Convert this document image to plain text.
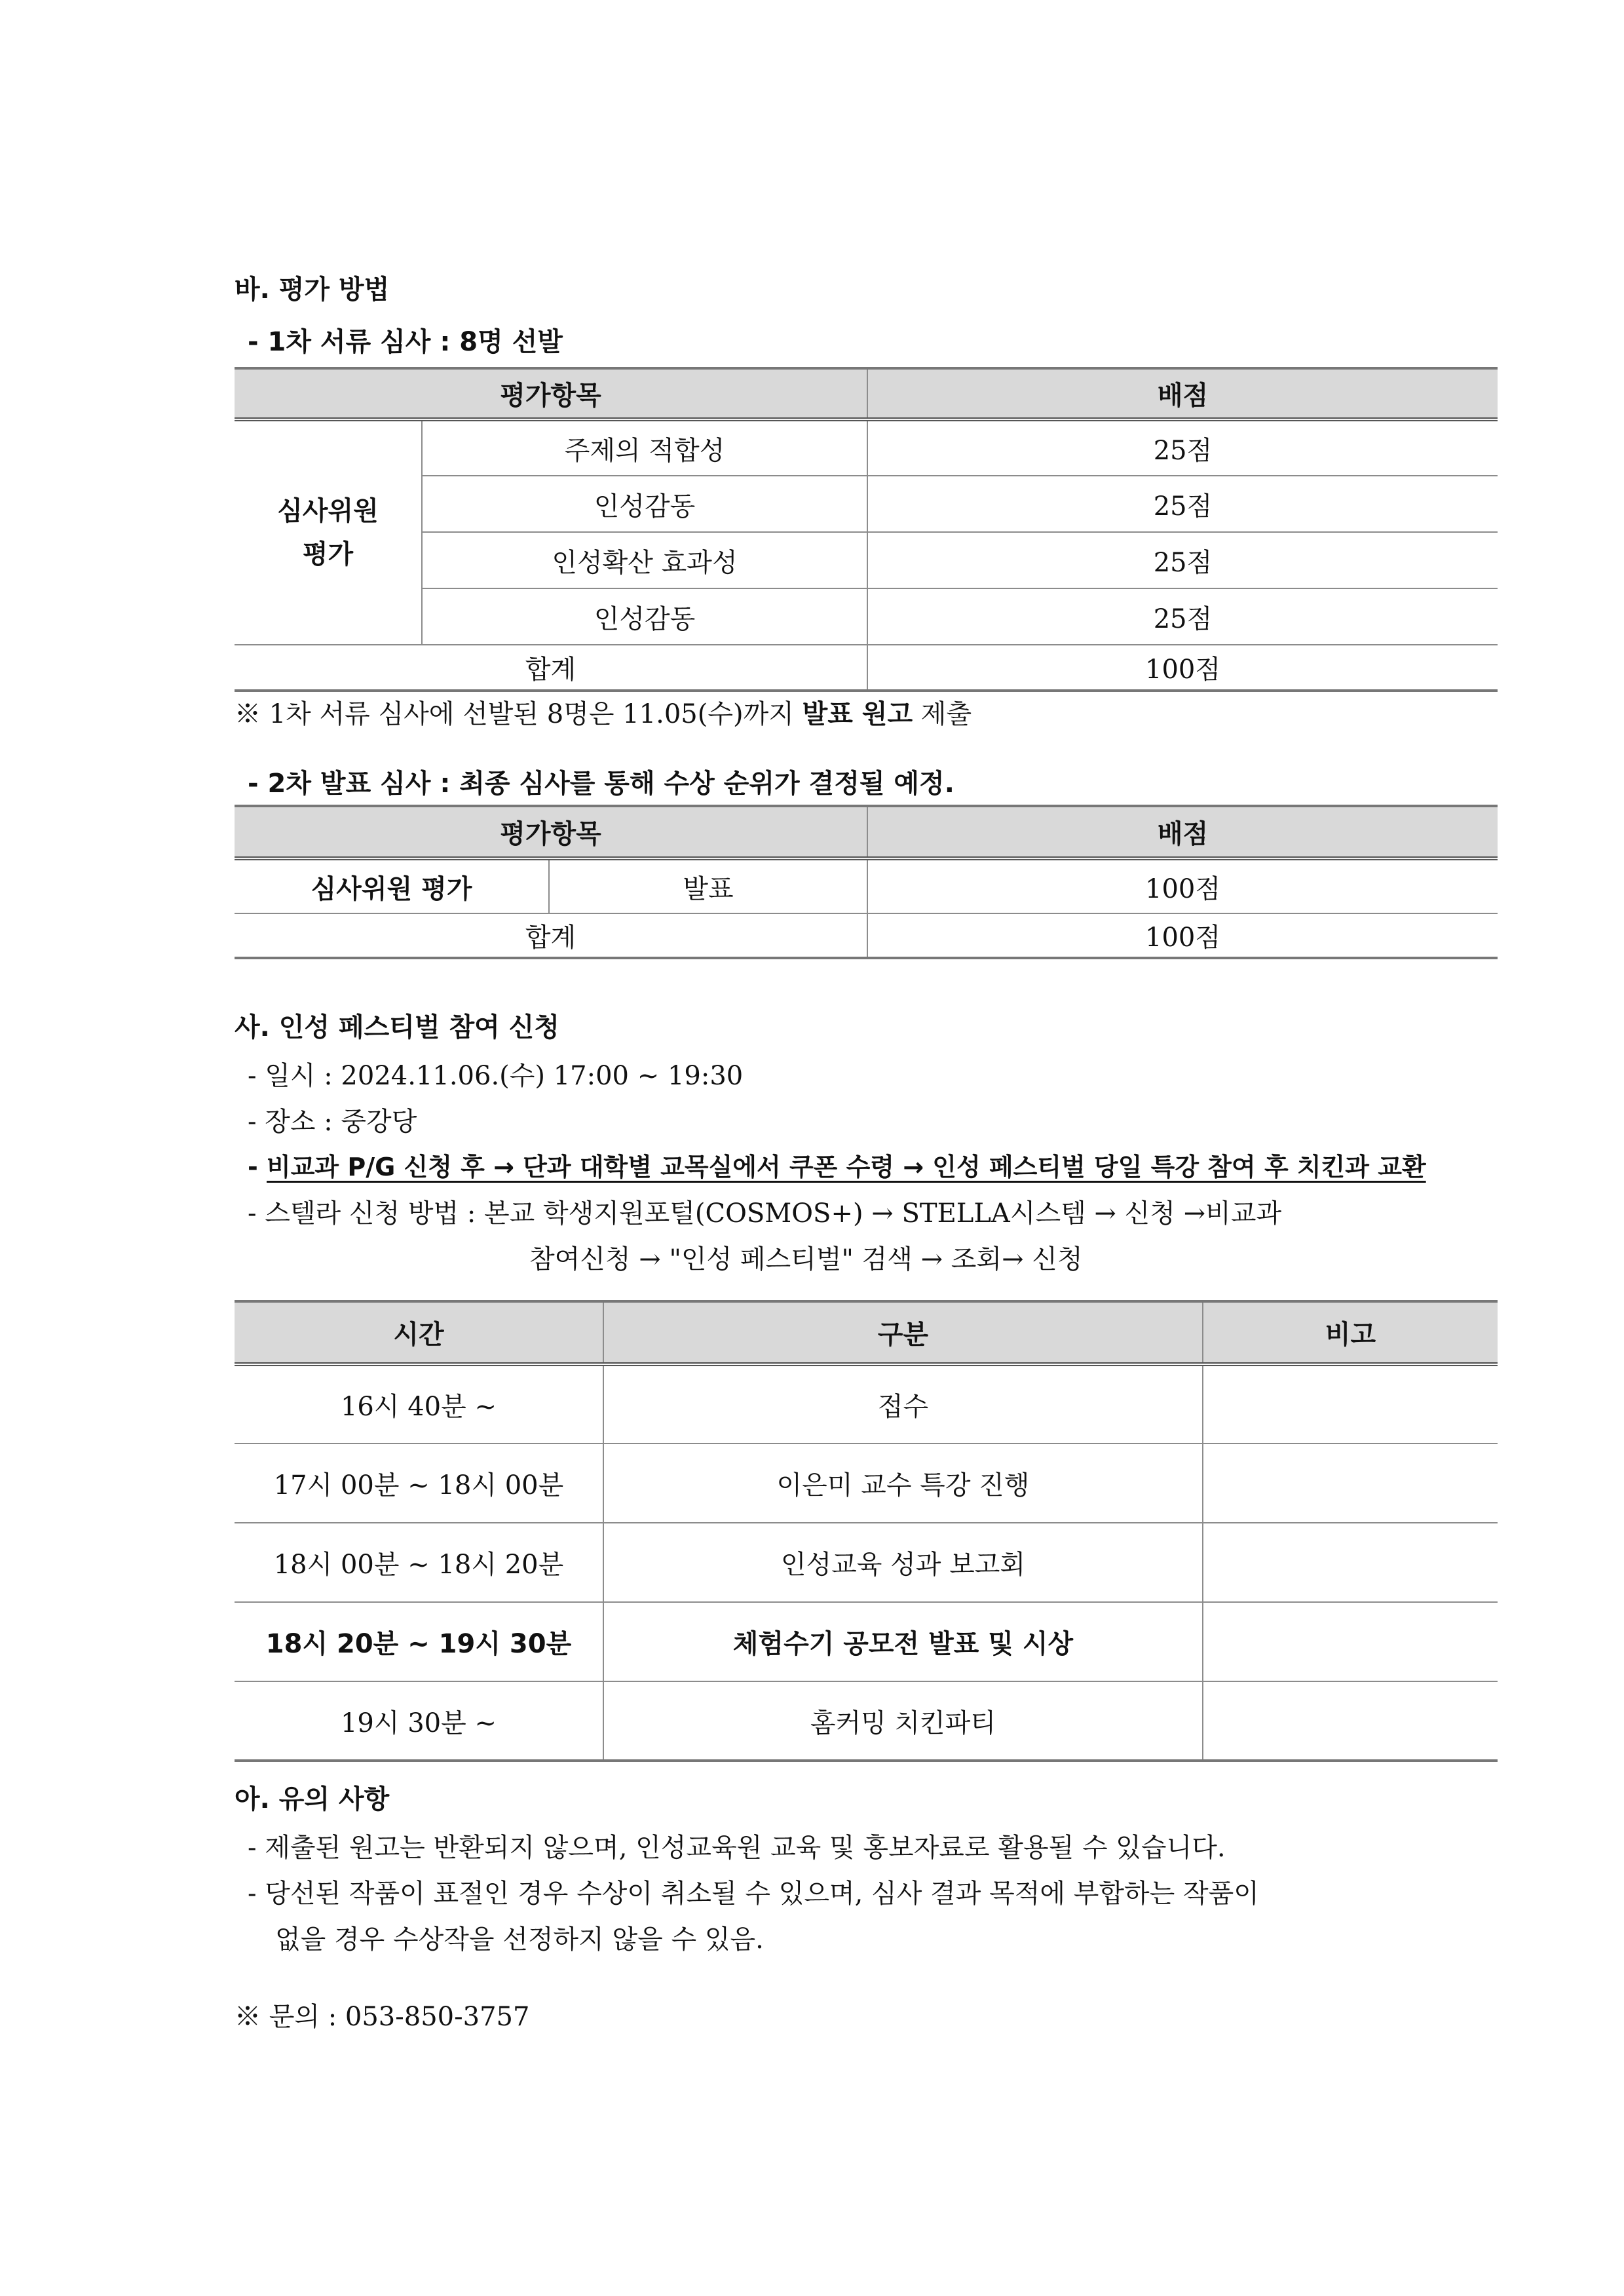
바. 평가 방법
- 1차 서류 심사 : 8명 선발
평가항목		배점
심사위원
평가	주제의 적합성	25점
	인성감동	25점
	인성확산 효과성	25점
	인성감동	25점
합계		100점
※ 1차 서류 심사에 선발된 8명은 11.05(수)까지 발표 원고 제출
- 2차 발표 심사 : 최종 심사를 통해 수상 순위가 결정될 예정.
평가항목		배점
심사위원 평가	발표	100점
합계		100점
사. 인성 페스티벌 참여 신청
- 일시 : 2024.11.06.(수) 17:00 ~ 19:30
- 장소 : 중강당
- 비교과 P/G 신청 후 → 단과 대학별 교목실에서 쿠폰 수령 → 인성 페스티벌 당일 특강 참여 후 치킨과 교환
- 스텔라 신청 방법 : 본교 학생지원포털(COSMOS+) → STELLA시스템 → 신청 →비교과
참여신청 → "인성 페스티벌" 검색 → 조회→ 신청
시간	구분	비고
16시 40분 ~	접수	
17시 00분 ~ 18시 00분	이은미 교수 특강 진행	
18시 00분 ~ 18시 20분	인성교육 성과 보고회	
18시 20분 ~ 19시 30분	체험수기 공모전 발표 및 시상	
19시 30분 ~	홈커밍 치킨파티	
아. 유의 사항
- 제출된 원고는 반환되지 않으며, 인성교육원 교육 및 홍보자료로 활용될 수 있습니다.
- 당선된 작품이 표절인 경우 수상이 취소될 수 있으며, 심사 결과 목적에 부합하는 작품이
없을 경우 수상작을 선정하지 않을 수 있음.
※ 문의 : 053-850-3757
